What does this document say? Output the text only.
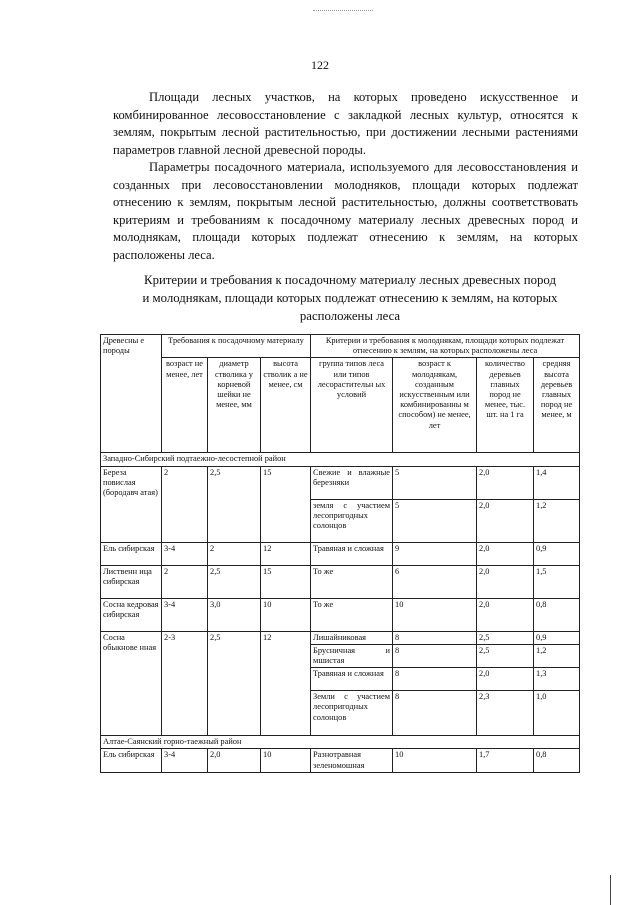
122

Площади лесных участков, на которых проведено искусственное и комбинированное лесовосстановление с закладкой лесных культур, относятся к землям, покрытым лесной растительностью, при достижении лесными растениями параметров главной лесной древесной породы.

Параметры посадочного материала, используемого для лесовосстановления и созданных при лесовосстановлении молодняков, площади которых подлежат отнесению к землям, покрытым лесной растительностью, должны соответствовать критериям и требованиям к посадочному материалу лесных древесных пород и молоднякам, площади которых подлежат отнесению к землям, на которых расположены леса.

Критерии и требования к посадочному материалу лесных древесных пород и молоднякам, площади которых подлежат отнесению к землям, на которых расположены леса

Древесны е породы	Требования к посадочному материалу			Критерии и требования к молоднякам, площади которых подлежат отнесению к землям, на которых расположены леса			
	возраст не менее, лет	диаметр стволика у корневой шейки не менее, мм	высота стволик а не менее, см	группа типов леса или типов лесорастительн ых условий	возраст к молоднякам, созданным искусственным или комбинированны м способом) не менее, лет	количество деревьев главных пород не менее, тыс. шт. на 1 га	средняя высота деревьев главных пород не менее, м
Западно-Сибирский подтаежно-лесостепной район							
Береза повислая (бородавч атая)	2	2,5	15	Свежие и влажные березняки	5	2,0	1,4
				земля с участием лесопригодных солонцов	5	2,0	1,2
Ель сибирская	3-4	2	12	Травяная и сложная	9	2,0	0,9
Лиственн ица сибирская	2	2,5	15	То же	6	2,0	1,5
Сосна кедровая сибирская	3-4	3,0	10	То же	10	2,0	0,8
Сосна обыкнове нная	2-3	2,5	12	Лишайниковая	8	2,5	0,9
				Брусничная и мшистая	8	2,5	1,2
				Травяная и сложная	8	2,0	1,3
				Земли с участием лесопригодных солонцов	8	2,3	1,0
Алтае-Саянский горно-таежный район							
Ель сибирская	3-4	2,0	10	Разнотравная зеленомошная	10	1,7	0,8
